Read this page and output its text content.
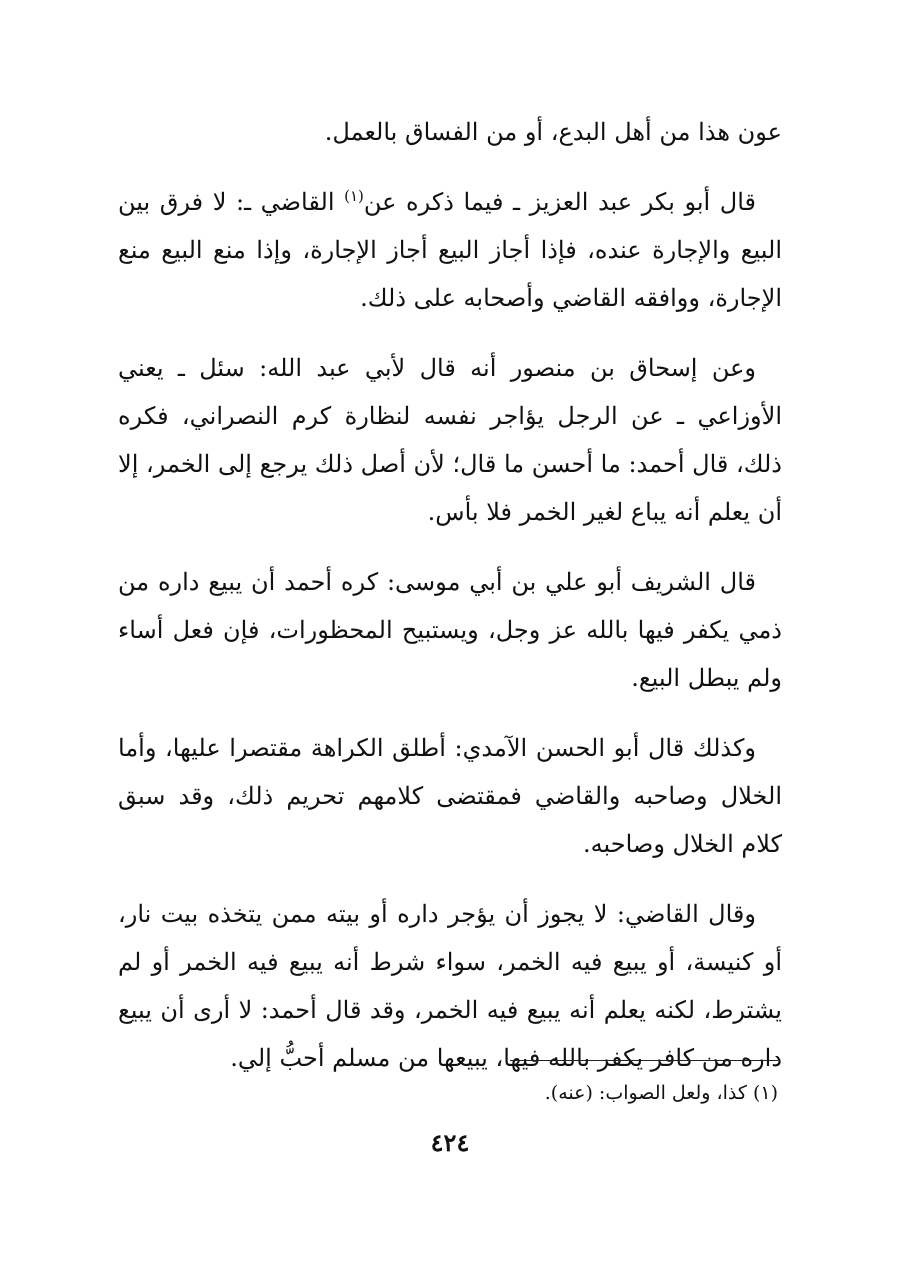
عون هذا من أهل البدع، أو من الفساق بالعمل.

قال أبو بكر عبد العزيز ـ فيما ذكره عن$^{(١)}$ القاضي ـ: لا فرق بين البيع والإجارة عنده، فإذا أجاز البيع أجاز الإجارة، وإذا منع البيع منع الإجارة، ووافقه القاضي وأصحابه على ذلك.

وعن إسحاق بن منصور أنه قال لأبي عبد الله: سئل ـ يعني الأوزاعي ـ عن الرجل يؤاجر نفسه لنظارة كرم النصراني، فكره ذلك، قال أحمد: ما أحسن ما قال؛ لأن أصل ذلك يرجع إلى الخمر، إلا أن يعلم أنه يباع لغير الخمر فلا بأس.

قال الشريف أبو علي بن أبي موسى: كره أحمد أن يبيع داره من ذمي يكفر فيها بالله عز وجل، ويستبيح المحظورات، فإن فعل أساء ولم يبطل البيع.

وكذلك قال أبو الحسن الآمدي: أطلق الكراهة مقتصرا عليها، وأما الخلال وصاحبه والقاضي فمقتضى كلامهم تحريم ذلك، وقد سبق كلام الخلال وصاحبه.

وقال القاضي: لا يجوز أن يؤجر داره أو بيته ممن يتخذه بيت نار، أو كنيسة، أو يبيع فيه الخمر، سواء شرط أنه يبيع فيه الخمر أو لم يشترط، لكنه يعلم أنه يبيع فيه الخمر، وقد قال أحمد: لا أرى أن يبيع داره من كافر يكفر بالله فيها، يبيعها من مسلم أحبُّ إلي.

(١) كذا، ولعل الصواب: (عنه).
٤٢٤
